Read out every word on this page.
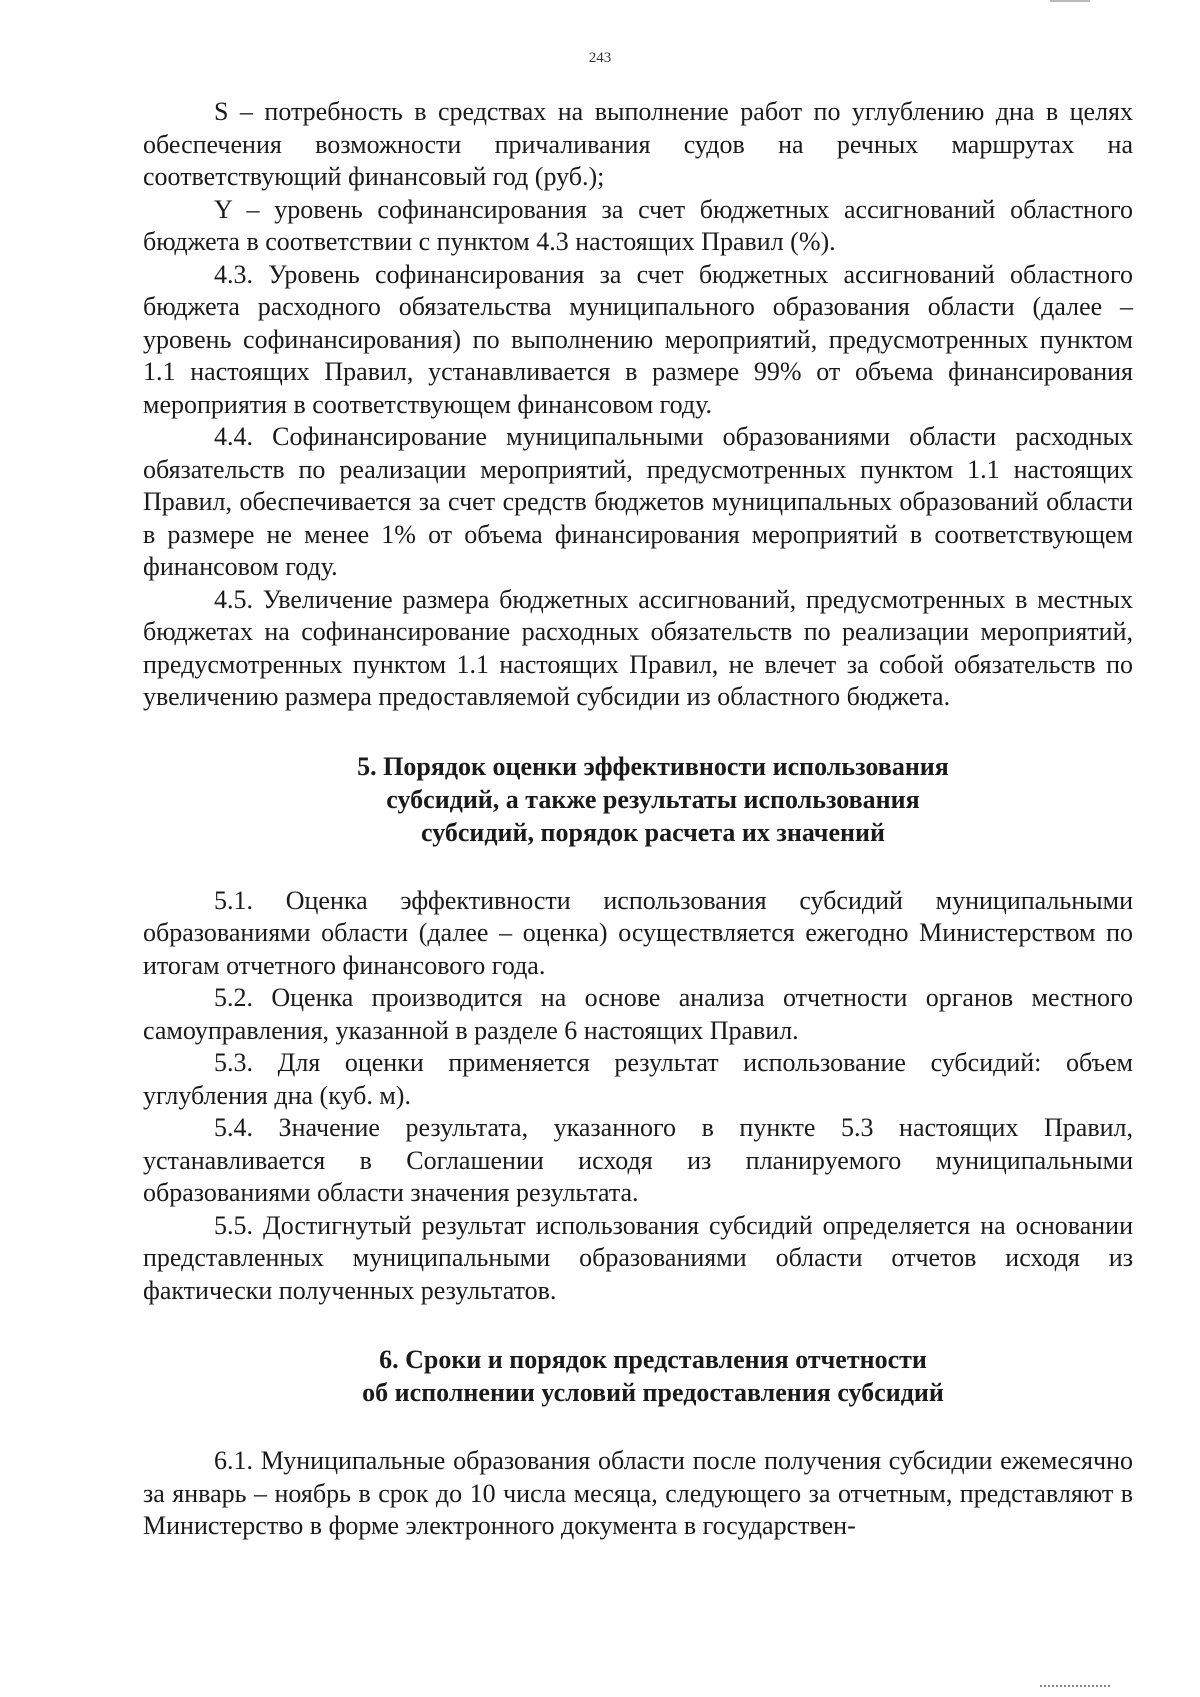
243

S – потребность в средствах на выполнение работ по углублению дна в целях обеспечения возможности причаливания судов на речных маршрутах на соответствующий финансовый год (руб.);

Y – уровень софинансирования за счет бюджетных ассигнований областного бюджета в соответствии с пунктом 4.3 настоящих Правил (%).

4.3. Уровень софинансирования за счет бюджетных ассигнований областного бюджета расходного обязательства муниципального образования области (далее – уровень софинансирования) по выполнению мероприятий, предусмотренных пунктом 1.1 настоящих Правил, устанавливается в размере 99% от объема финансирования мероприятия в соответствующем финансовом году.

4.4. Софинансирование муниципальными образованиями области расходных обязательств по реализации мероприятий, предусмотренных пунктом 1.1 настоящих Правил, обеспечивается за счет средств бюджетов муниципальных образований области в размере не менее 1% от объема финансирования мероприятий в соответствующем финансовом году.

4.5. Увеличение размера бюджетных ассигнований, предусмотренных в местных бюджетах на софинансирование расходных обязательств по реализации мероприятий, предусмотренных пунктом 1.1 настоящих Правил, не влечет за собой обязательств по увеличению размера предоставляемой субсидии из областного бюджета.

5. Порядок оценки эффективности использования
субсидий, а также результаты использования
субсидий, порядок расчета их значений

5.1. Оценка эффективности использования субсидий муниципальными образованиями области (далее – оценка) осуществляется ежегодно Министерством по итогам отчетного финансового года.

5.2. Оценка производится на основе анализа отчетности органов местного самоуправления, указанной в разделе 6 настоящих Правил.

5.3. Для оценки применяется результат использование субсидий: объем углубления дна (куб. м).

5.4. Значение результата, указанного в пункте 5.3 настоящих Правил, устанавливается в Соглашении исходя из планируемого муниципальными образованиями области значения результата.

5.5. Достигнутый результат использования субсидий определяется на основании представленных муниципальными образованиями области отчетов исходя из фактически полученных результатов.

6. Сроки и порядок представления отчетности
об исполнении условий предоставления субсидий

6.1. Муниципальные образования области после получения субсидии ежемесячно за январь – ноябрь в срок до 10 числа месяца, следующего за отчетным, представляют в Министерство в форме электронного документа в государствен-
